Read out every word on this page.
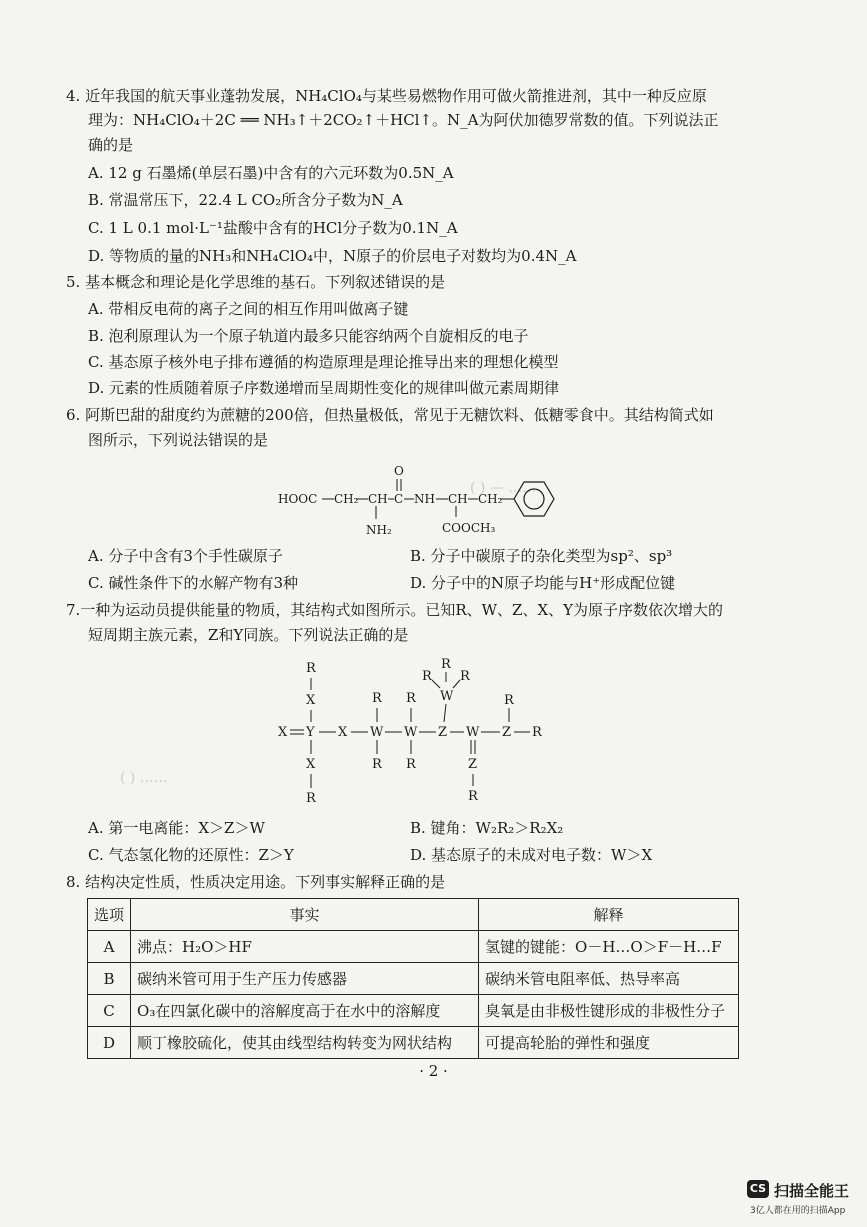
( ) — ……
( ) ……
4. 近年我国的航天事业蓬勃发展，NH₄ClO₄与某些易燃物作用可做火箭推进剂，其中一种反应原
理为：NH₄ClO₄＋2C ══ NH₃↑＋2CO₂↑＋HCl↑。N_A为阿伏加德罗常数的值。下列说法正
确的是
A. 12 g 石墨烯(单层石墨)中含有的六元环数为0.5N_A
B. 常温常压下，22.4 L CO₂所含分子数为N_A
C. 1 L 0.1 mol·L⁻¹盐酸中含有的HCl分子数为0.1N_A
D. 等物质的量的NH₃和NH₄ClO₄中，N原子的价层电子对数均为0.4N_A
5. 基本概念和理论是化学思维的基石。下列叙述错误的是
A. 带相反电荷的离子之间的相互作用叫做离子键
B. 泡利原理认为一个原子轨道内最多只能容纳两个自旋相反的电子
C. 基态原子核外电子排布遵循的构造原理是理论推导出来的理想化模型
D. 元素的性质随着原子序数递增而呈周期性变化的规律叫做元素周期律
6. 阿斯巴甜的甜度约为蔗糖的200倍，但热量极低，常见于无糖饮料、低糖零食中。其结构简式如
图所示，下列说法错误的是
HOOC CH₂ CH
NH₂
C
O
NH CH
COOCH₃
CH₂
A. 分子中含有3个手性碳原子	B. 分子中碳原子的杂化类型为sp²、sp³
C. 碱性条件下的水解产物有3种	D. 分子中的N原子均能与H⁺形成配位键
7.一种为运动员提供能量的物质，其结构式如图所示。已知R、W、Z、X、Y为原子序数依次增大的
短周期主族元素，Z和Y同族。下列说法正确的是
X Y X W W Z W Z R
X
R
X
R
R
R
R
R
R
R
W
R
Z
R
R
A. 第一电离能：X＞Z＞W	B. 键角：W₂R₂＞R₂X₂
C. 气态氢化物的还原性：Z＞Y	D. 基态原子的未成对电子数：W＞X
8. 结构决定性质，性质决定用途。下列事实解释正确的是
选项	事实	解释
A	沸点：H₂O＞HF	氢键的键能：O－H…O＞F－H…F
B	碳纳米管可用于生产压力传感器	碳纳米管电阻率低、热导率高
C	O₃在四氯化碳中的溶解度高于在水中的溶解度	臭氧是由非极性键形成的非极性分子
D	顺丁橡胶硫化，使其由线型结构转变为网状结构	可提高轮胎的弹性和强度
· 2 ·
CS 扫描全能王
3亿人都在用的扫描App
